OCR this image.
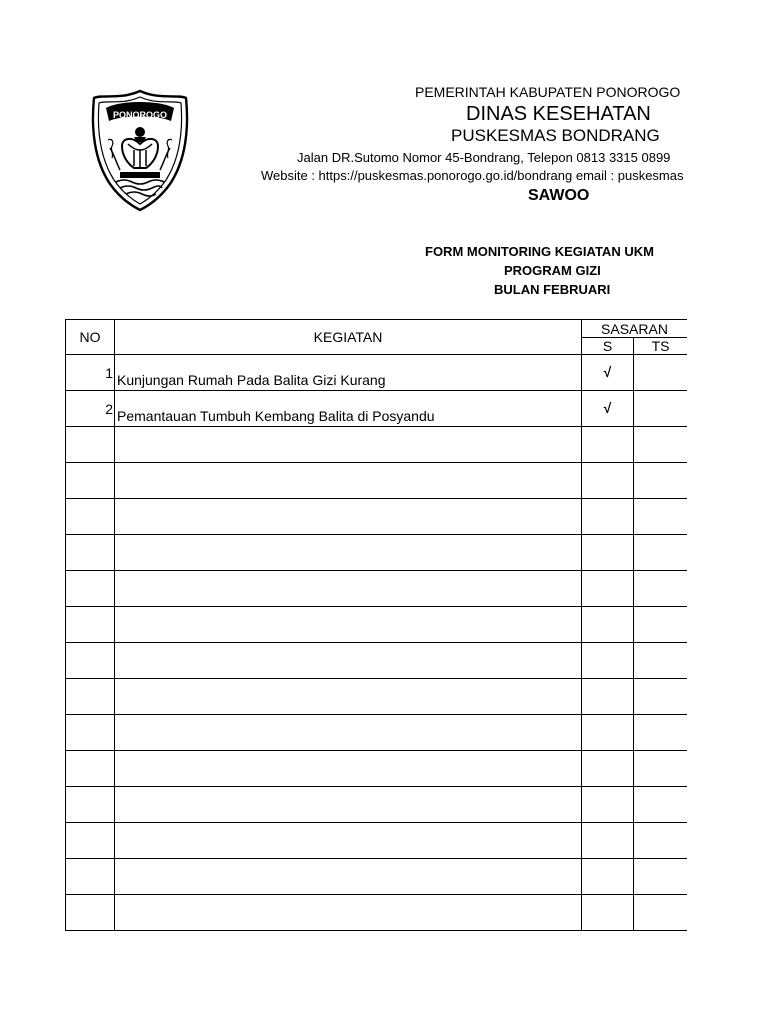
PONOROGO
PEMERINTAH KABUPATEN PONOROGO
DINAS KESEHATAN
PUSKESMAS BONDRANG
Jalan DR.Sutomo Nomor 45-Bondrang, Telepon 0813 3315 0899
Website : https://puskesmas.ponorogo.go.id/bondrang email : puskesmas
SAWOO
FORM MONITORING KEGIATAN UKM
PROGRAM GIZI
BULAN FEBRUARI
NO	KEGIATAN	SASARAN	
		S	TS
1	Kunjungan Rumah Pada Balita Gizi Kurang	√	
2	Pemantauan Tumbuh Kembang Balita di Posyandu	√	
